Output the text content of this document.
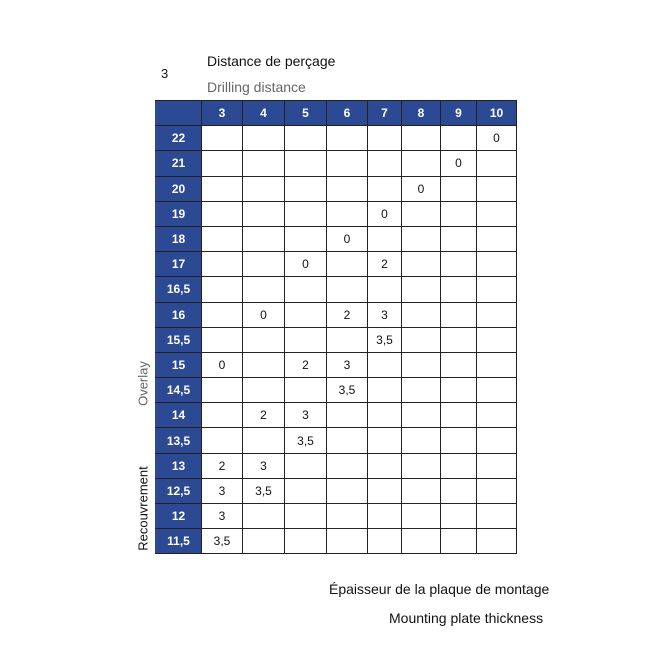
3
Distance de perçage
Drilling distance
Overlay
Recouvrement
	3	4	5	6	7	8	9	10
22								0
21							0	
20						0		
19					0			
18				0				
17			0		2			
16,5								
16		0		2	3			
15,5					3,5			
15	0		2	3				
14,5				3,5				
14		2	3					
13,5			3,5					
13	2	3						
12,5	3	3,5						
12	3							
11,5	3,5							
Épaisseur de la plaque de montage
Mounting plate thickness
